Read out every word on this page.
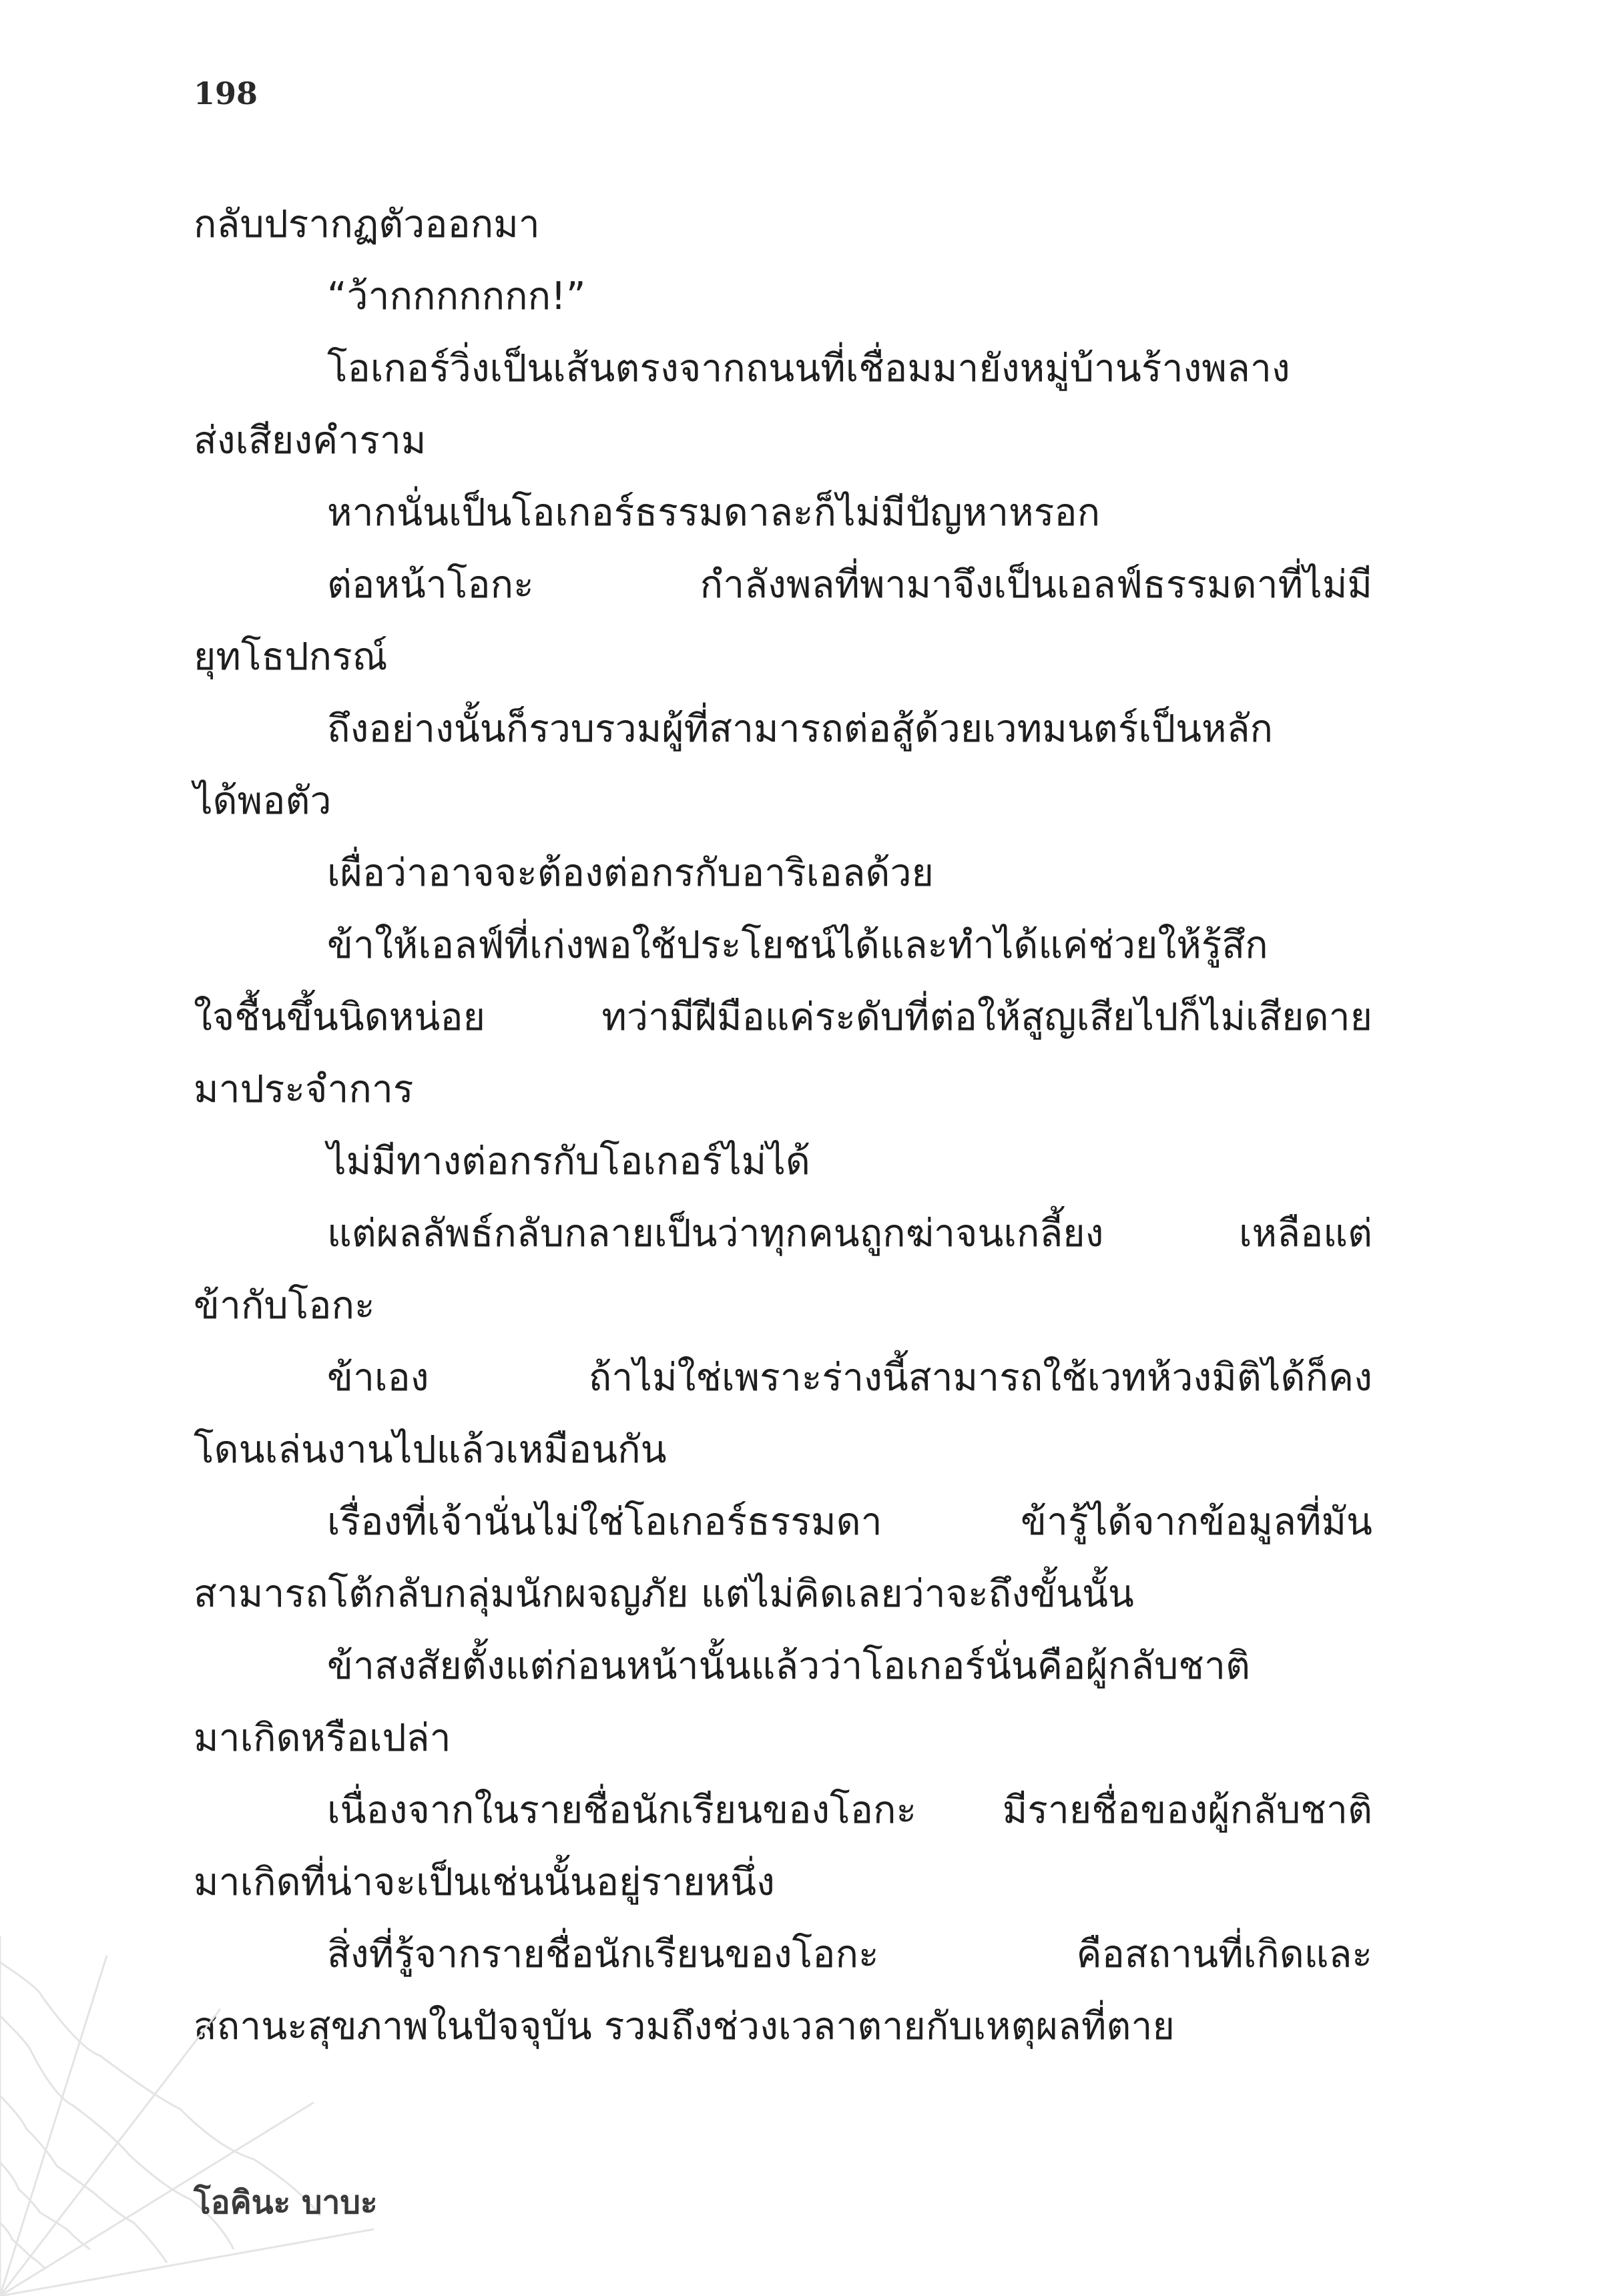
198
กลับปรากฏตัวออกมา
“ว้ากกกกกกก!”
โอเกอร์วิ่งเป็นเส้นตรงจากถนนที่เชื่อมมายังหมู่บ้านร้างพลาง
ส่งเสียงคำราม
หากนั่นเป็นโอเกอร์ธรรมดาละก็ไม่มีปัญหาหรอก
ต่อหน้าโอกะ กำลังพลที่พามาจึงเป็นเอลฟ์ธรรมดาที่ไม่มี
ยุทโธปกรณ์
ถึงอย่างนั้นก็รวบรวมผู้ที่สามารถต่อสู้ด้วยเวทมนตร์เป็นหลัก
ได้พอตัว
เผื่อว่าอาจจะต้องต่อกรกับอาริเอลด้วย
ข้าให้เอลฟ์ที่เก่งพอใช้ประโยชน์ได้และทำได้แค่ช่วยให้รู้สึก
ใจชื้นขึ้นนิดหน่อย ทว่ามีฝีมือแค่ระดับที่ต่อให้สูญเสียไปก็ไม่เสียดาย
มาประจำการ
ไม่มีทางต่อกรกับโอเกอร์ไม่ได้
แต่ผลลัพธ์กลับกลายเป็นว่าทุกคนถูกฆ่าจนเกลี้ยง เหลือแต่
ข้ากับโอกะ
ข้าเอง ถ้าไม่ใช่เพราะร่างนี้สามารถใช้เวทห้วงมิติได้ก็คง
โดนเล่นงานไปแล้วเหมือนกัน
เรื่องที่เจ้านั่นไม่ใช่โอเกอร์ธรรมดา ข้ารู้ได้จากข้อมูลที่มัน
สามารถโต้กลับกลุ่มนักผจญภัย แต่ไม่คิดเลยว่าจะถึงขั้นนั้น
ข้าสงสัยตั้งแต่ก่อนหน้านั้นแล้วว่าโอเกอร์นั่นคือผู้กลับชาติ
มาเกิดหรือเปล่า
เนื่องจากในรายชื่อนักเรียนของโอกะ มีรายชื่อของผู้กลับชาติ
มาเกิดที่น่าจะเป็นเช่นนั้นอยู่รายหนึ่ง
สิ่งที่รู้จากรายชื่อนักเรียนของโอกะ คือสถานที่เกิดและ
สถานะสุขภาพในปัจจุบัน รวมถึงช่วงเวลาตายกับเหตุผลที่ตาย
โอคินะ บาบะ
